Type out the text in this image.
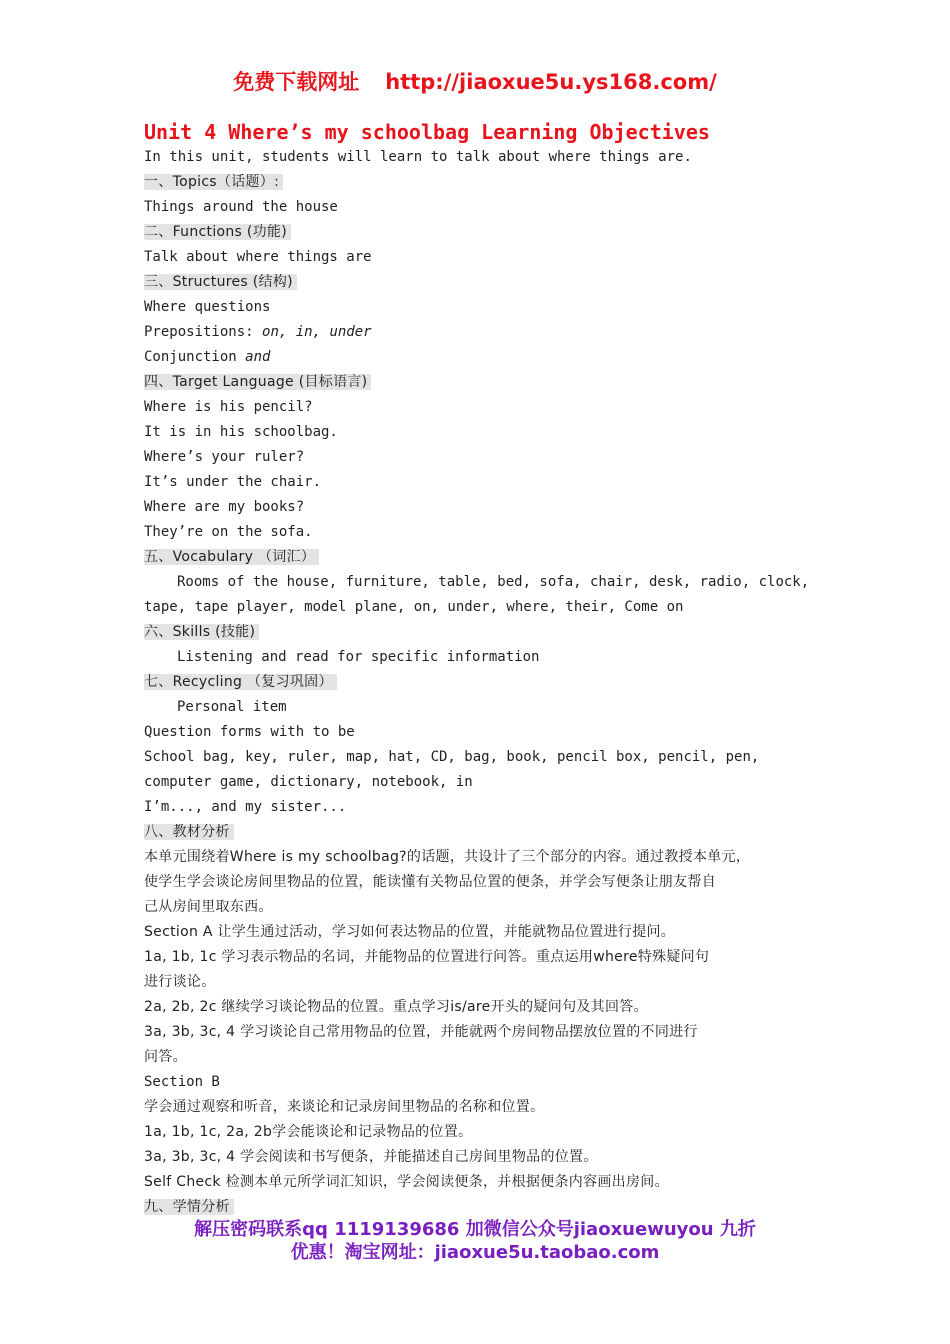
免费下载网址 http://jiaoxue5u.ys168.com/
Unit 4 Where’s my schoolbag Learning Objectives
In this unit, students will learn to talk about where things are.
一、Topics（话题）:
Things around the house
二、Functions (功能)
Talk about where things are
三、Structures (结构)
Where questions
Prepositions: on, in, under
Conjunction and
四、Target Language (目标语言)
Where is his pencil?
It is in his schoolbag.
Where’s your ruler?
It’s under the chair.
Where are my books?
They’re on the sofa.
五、Vocabulary （词汇）
Rooms of the house, furniture, table, bed, sofa, chair, desk, radio, clock,
tape, tape player, model plane, on, under, where, their, Come on
六、Skills (技能)
Listening and read for specific information
七、Recycling （复习巩固）
Personal item
Question forms with to be
School bag, key, ruler, map, hat, CD, bag, book, pencil box, pencil, pen,
computer game, dictionary, notebook, in
I’m..., and my sister...
八、教材分析
本单元围绕着Where is my schoolbag?的话题，共设计了三个部分的内容。通过教授本单元，
使学生学会谈论房间里物品的位置，能读懂有关物品位置的便条，并学会写便条让朋友帮自
己从房间里取东西。
Section A 让学生通过活动，学习如何表达物品的位置，并能就物品位置进行提问。
1a, 1b, 1c 学习表示物品的名词，并能物品的位置进行问答。重点运用where特殊疑问句
进行谈论。
2a, 2b, 2c 继续学习谈论物品的位置。重点学习is/are开头的疑问句及其回答。
3a, 3b, 3c, 4 学习谈论自己常用物品的位置，并能就两个房间物品摆放位置的不同进行
问答。
Section B
学会通过观察和听音，来谈论和记录房间里物品的名称和位置。
1a, 1b, 1c, 2a, 2b学会能谈论和记录物品的位置。
3a, 3b, 3c, 4 学会阅读和书写便条，并能描述自己房间里物品的位置。
Self Check 检测本单元所学词汇知识，学会阅读便条，并根据便条内容画出房间。
九、学情分析
解压密码联系qq 1119139686 加微信公众号jiaoxuewuyou 九折
优惠！淘宝网址：jiaoxue5u.taobao.com
